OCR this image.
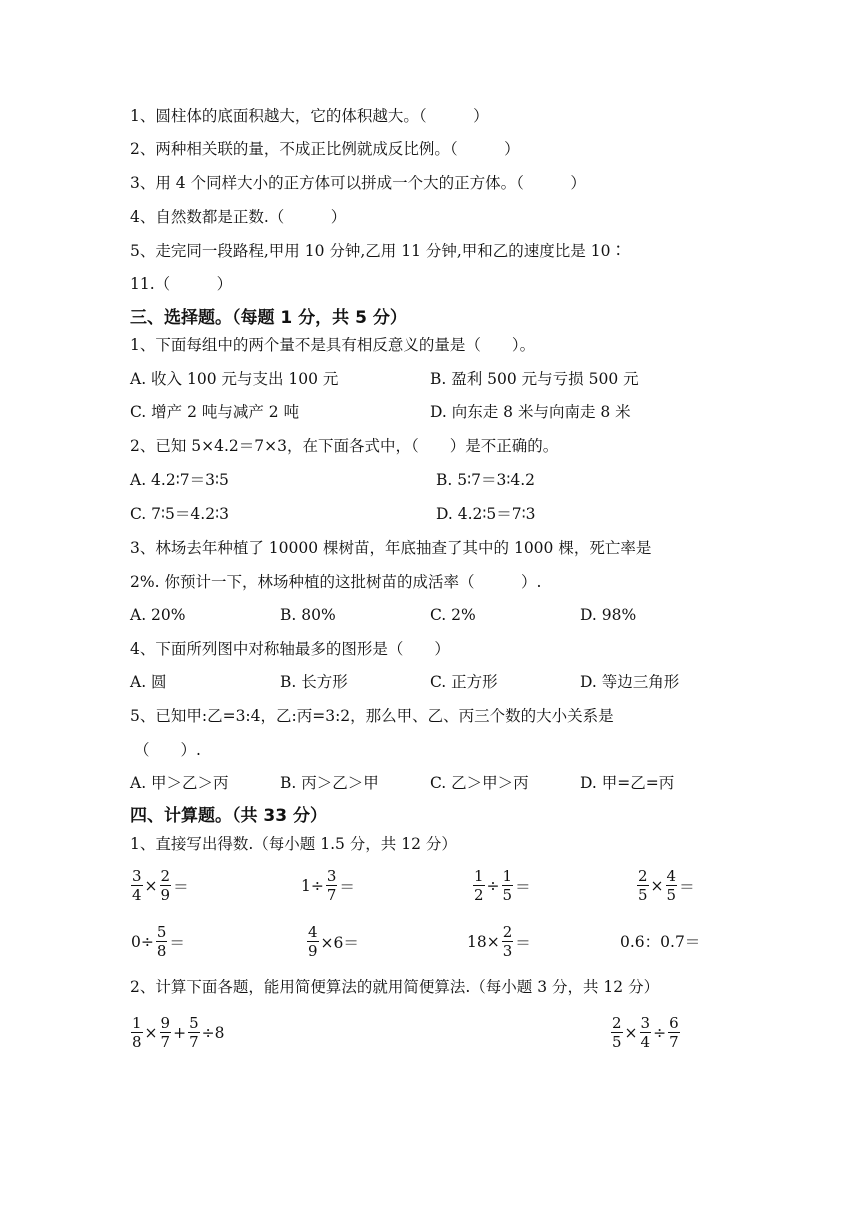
1、圆柱体的底面积越大，它的体积越大。（　　　）
2、两种相关联的量，不成正比例就成反比例。（　　　）
3、用 4 个同样大小的正方体可以拼成一个大的正方体。（　　　）
4、自然数都是正数.（　　　）
5、走完同一段路程,甲用 10 分钟,乙用 11 分钟,甲和乙的速度比是 10∶
11.（　　　）
三、选择题。（每题 1 分，共 5 分）
1、下面每组中的两个量不是具有相反意义的量是（　　）。
A. 收入 100 元与支出 100 元	B. 盈利 500 元与亏损 500 元
C. 增产 2 吨与减产 2 吨	D. 向东走 8 米与向南走 8 米
2、已知 5×4.2＝7×3，在下面各式中，（　　）是不正确的。
A. 4.2∶7＝3∶5	B. 5∶7＝3∶4.2
C. 7∶5＝4.2∶3	D. 4.2∶5＝7∶3
3、林场去年种植了 10000 棵树苗，年底抽查了其中的 1000 棵，死亡率是
2%. 你预计一下，林场种植的这批树苗的成活率（　　　）.
A. 20%	B. 80%	C. 2%	D. 98%
4、下面所列图中对称轴最多的图形是（　　）
A. 圆	B. 长方形	C. 正方形	D. 等边三角形
5、已知甲:乙=3:4，乙:丙=3:2，那么甲、乙、丙三个数的大小关系是
（　　）.
A. 甲＞乙＞丙	B. 丙＞乙＞甲	C. 乙＞甲＞丙	D. 甲=乙=丙
四、计算题。（共 33 分）
1、直接写出得数.（每小题 1.5 分，共 12 分）
$\frac{3}{4} \times \frac{2}{9}$ ＝	$1\div \frac{3}{7}$ ＝	$\frac{1}{2} \div \frac{1}{5}$ ＝	$\frac{2}{5} \times \frac{4}{5}$ ＝
$0\div \frac{5}{8}$ ＝	$\frac{4}{9} \times 6=$	$18\times \frac{2}{3}$ ＝	0.6：0.7＝
2、计算下面各题，能用简便算法的就用简便算法.（每小题 3 分，共 12 分）
$\frac{1}{8} \times \frac{9}{7} + \frac{5}{7} \div 8$	$\frac{2}{5} \times \frac{3}{4} \div \frac{6}{7}$
